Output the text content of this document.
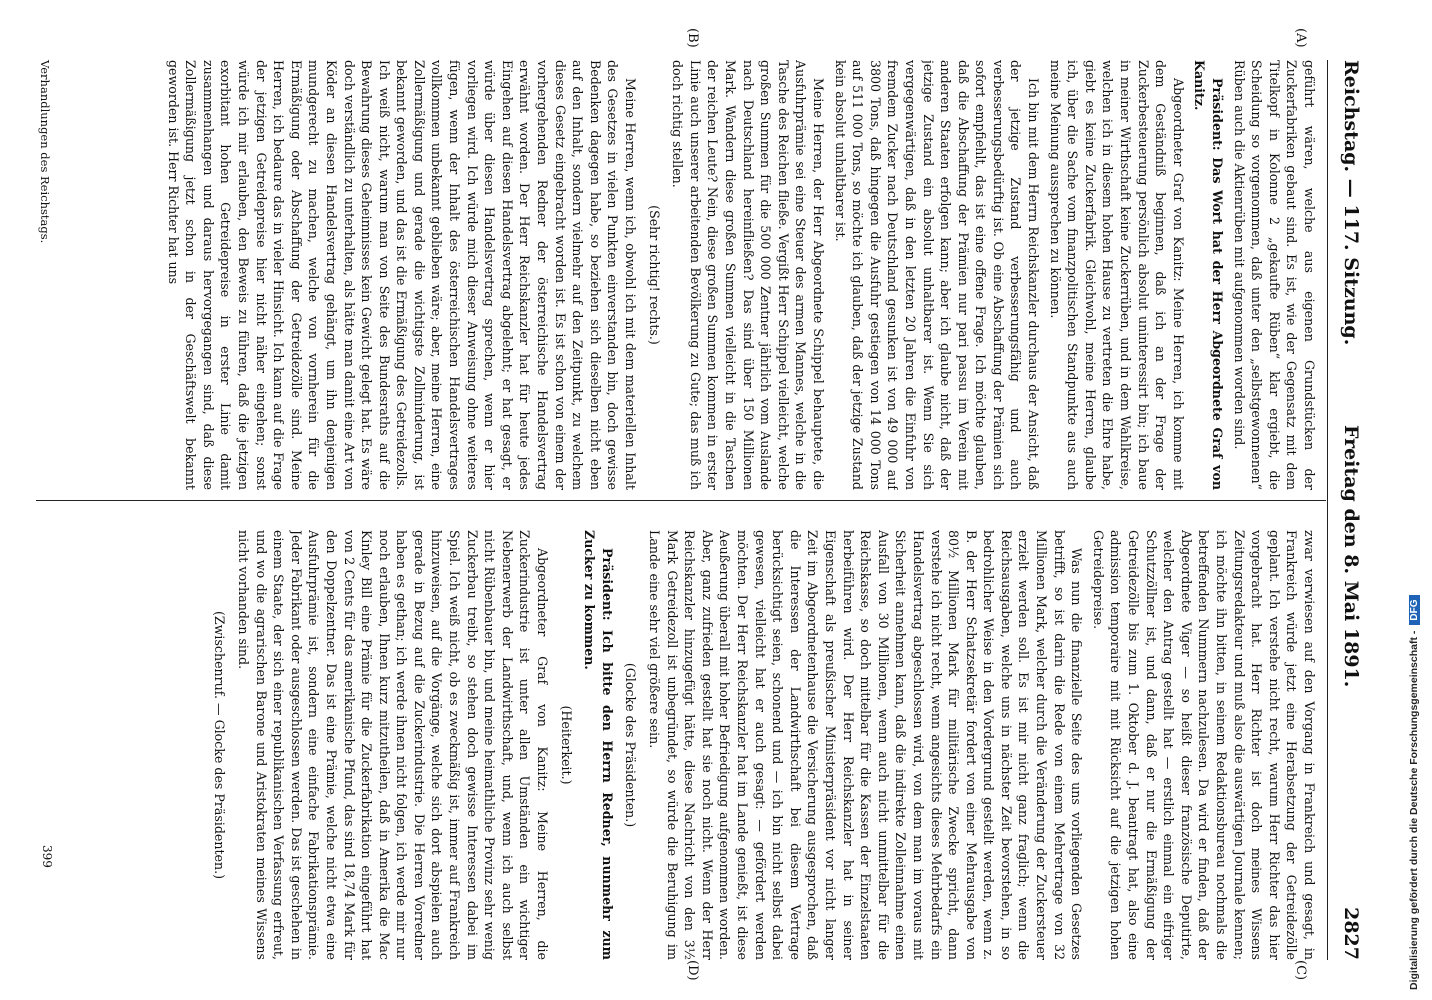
Reichstag. — 117. Sitzung.
Freitag den 8. Mai 1891.
2827
(A)
(B)
(C)
(D)

geführt wären, welche aus eigenen Grundstücken der Zuckerfabriken gebaut sind. Es ist, wie der Gegensatz mit dem Titelkopf in Kolonne 2 „gekaufte Rüben“ klar ergiebt, die Scheidung so vorgenommen, daß unter den „selbstgewonnenen“ Rüben auch die Aktienrüben mit aufgenommen worden sind.

Präsident: Das Wort hat der Herr Abgeordnete Graf von Kanitz.

Abgeordneter Graf von Kanitz: Meine Herren, ich komme mit dem Geständniß beginnen, daß ich an der Frage der Zuckerbesteuerung persönlich absolut uninteressirt bin; ich baue in meiner Wirthschaft keine Zuckerrüben, und in dem Wahlkreise, welchen ich in diesem hohen Hause zu vertreten die Ehre habe, giebt es keine Zuckerfabrik. Gleichwohl, meine Herren, glaube ich, über die Sache vom finanzpolitischen Standpunkte aus auch meine Meinung aussprechen zu können.

Ich bin mit dem Herrn Reichskanzler durchaus der Ansicht, daß der jetzige Zustand verbesserungsfähig und auch verbesserungsbedürftig ist. Ob eine Abschaffung der Prämien sich sofort empfiehlt, das ist eine offene Frage. Ich möchte glauben, daß die Abschaffung der Prämien nur pari passu im Verein mit anderen Staaten erfolgen kann; aber ich glaube nicht, daß der jetzige Zustand ein absolut unhaltbarer ist. Wenn Sie sich vergegenwärtigen, daß in den letzten 20 Jahren die Einfuhr von fremdem Zucker nach Deutschland gesunken ist von 49 000 auf 3800 Tons, daß hingegen die Ausfuhr gestiegen von 14 000 Tons auf 511 000 Tons, so möchte ich glauben, daß der jetzige Zustand kein absolut unhaltbarer ist.

Meine Herren, der Herr Abgeordnete Schippel behauptete, die Ausfuhrprämie sei eine Steuer des armen Mannes, welche in die Tasche des Reichen fließe. Vergißt Herr Schippel vielleicht, welche großen Summen für die 500 000 Zentner jährlich vom Auslande nach Deutschland hereinfließen? Das sind über 150 Millionen Mark. Wandern diese großen Summen vielleicht in die Taschen der reichen Leute? Nein, diese großen Summen kommen in erster Linie auch unserer arbeitenden Bevölkerung zu Gute; das muß ich doch richtig stellen.

(Sehr richtig! rechts.)

Meine Herren, wenn ich, obwohl ich mit dem materiellen Inhalt des Gesetzes in vielen Punkten einverstanden bin, doch gewisse Bedenken dagegen habe, so beziehen sich dieselben nicht eben auf den Inhalt, sondern vielmehr auf den Zeitpunkt, zu welchem dieses Gesetz eingebracht worden ist. Es ist schon von einem der vorhergehenden Redner der österreichische Handelsvertrag erwähnt worden. Der Herr Reichskanzler hat für heute jedes Eingehen auf diesen Handelsvertrag abgelehnt; er hat gesagt, er würde über diesen Handelsvertrag sprechen, wenn er hier vorliegen wird. Ich würde mich dieser Anweisung ohne weiteres fügen, wenn der Inhalt des österreichischen Handelsvertrages vollkommen unbekannt geblieben wäre; aber, meine Herren, eine Zollermäßigung und gerade die wichtigste Zollminderung, ist bekannt geworden, und das ist die Ermäßigung des Getreidezolls. Ich weiß nicht, warum man von Seite des Bundesraths auf die Bewahrung dieses Geheimnisses kein Gewicht gelegt hat. Es wäre doch verständlich zu unterhalten, als hätte man damit eine Art von Köder an diesen Handelsvertrag gehängt, um ihn denjenigen mundgerecht zu machen, welche von vornherein für die Ermäßigung oder Abschaffung der Getreidezölle sind. Meine Herren, ich bedaure das in vieler Hinsicht. Ich kann auf die Frage der jetzigen Getreidepreise hier nicht näher eingehen; sonst würde ich mir erlauben, den Beweis zu führen, daß die jetzigen exorbitant hohen Getreidepreise in erster Linie damit zusammenhangen und daraus hervorgegangen sind, daß diese Zollermäßigung jetzt schon in der Geschäftswelt bekannt geworden ist. Herr Richter hat uns

zwar verwiesen auf den Vorgang in Frankreich und gesagt, in Frankreich würde jetzt eine Herabsetzung der Getreidezölle geplant. Ich verstehe nicht recht, warum Herr Richter das hier vorgebracht hat. Herr Richter ist doch meines Wissens Zeitungsredakteur und muß also die auswärtigen Journale kennen; ich möchte ihn bitten, in seinem Redaktionsbureau nochmals die betreffenden Nummern nachzulesen. Da wird er finden, daß der Abgeordnete Viger — so heißt dieser französische Deputirte, welcher den Antrag gestellt hat — erstlich einmal ein eifriger Schutzzöllner ist, und dann, daß er nur die Ermäßigung der Getreidezölle bis zum 1. Oktober d. J. beantragt hat, also eine admission temporaire mit mit Rücksicht auf die jetzigen hohen Getreidepreise.

Was nun die finanzielle Seite des uns vorliegenden Gesetzes betrifft, so ist darin die Rede von einem Mehrertrage von 32 Millionen Mark, welcher durch die Veränderung der Zuckersteuer erzielt werden soll. Es ist mir nicht ganz fraglich; wenn die Reichsausgaben, welche uns in nächster Zeit bevorstehen, in so bedrohlicher Weise in den Vordergrund gestellt werden, wenn z. B. der Herr Schatzsekretär fordert von einer Mehrausgabe von 80½ Millionen Mark für militärische Zwecke spricht, dann verstehe ich nicht recht, wenn angesichts dieses Mehrbedarfs ein Handelsvertrag abgeschlossen wird, von dem man im voraus mit Sicherheit annehmen kann, daß die indirekte Zolleinnahme einen Ausfall von 30 Millionen, wenn auch nicht unmittelbar für die Reichskasse, so doch mittelbar für die Kassen der Einzelstaaten herbeiführen wird. Der Herr Reichskanzler hat in seiner Eigenschaft als preußischer Ministerpräsident vor nicht langer Zeit im Abgeordnetenhause die Versicherung ausgesprochen, daß die Interessen der Landwirthschaft bei diesem Vertrage berücksichtigt seien, schonend und — ich bin nicht selbst dabei gewesen, vielleicht hat er auch gesagt: — gefördert werden möchten. Der Herr Reichskanzler hat im Lande genießt, ist diese Aeußerung überall mit hoher Befriedigung aufgenommen worden. Aber, ganz zufrieden gestellt hat sie noch nicht. Wenn der Herr Reichskanzler hinzugefügt hätte, diese Nachricht von den 3½ Mark Getreidezoll ist unbegründet, so würde die Beruhigung im Lande eine sehr viel größere sein.

(Glocke des Präsidenten.)

Präsident: Ich bitte den Herrn Redner, nunmehr zum Zucker zu kommen.

(Heiterkeit.)

Abgeordneter Graf von Kanitz: Meine Herren, die Zuckerindustrie ist unter allen Umständen ein wichtiger Nebenerwerb der Landwirthschaft, und, wenn ich auch selbst nicht Rübenbauer bin, und meine heimathliche Provinz sehr wenig Zuckerbau treibt, so stehen doch gewisse Interessen dabei im Spiel. Ich weiß nicht, ob es zweckmäßig ist, immer auf Frankreich hinzuweisen, auf die Vorgänge, welche sich dort abspielen auch gerade in Bezug auf die Zuckerindustrie. Die Herren Vorredner haben es gethan; ich werde ihnen nicht folgen, ich werde mir nur noch erlauben, Ihnen kurz mitzutheilen, daß in Amerika die Mac Kinley Bill eine Prämie für die Zuckerfabrikation eingeführt hat von 2 Cents für das amerikanische Pfund, das sind 18,74 Mark für den Doppelzentner. Das ist eine Prämie, welche nicht etwa eine Ausfuhrprämie ist, sondern eine einfache Fabrikationsprämie. Jeder Fabrikant oder ausgeschlossen werden. Das ist geschehen in einem Staate, der sich einer republikanischen Verfassung erfreut, und wo die agrarischen Barone und Aristokraten meines Wissens nicht vorhanden sind.

(Zwischenruf. — Glocke des Präsidenten.)

Verhandlungen des Reichstags.
399	Digitalisierung gefördert durch die Deutsche Forschungsgemeinschaft -DFG
